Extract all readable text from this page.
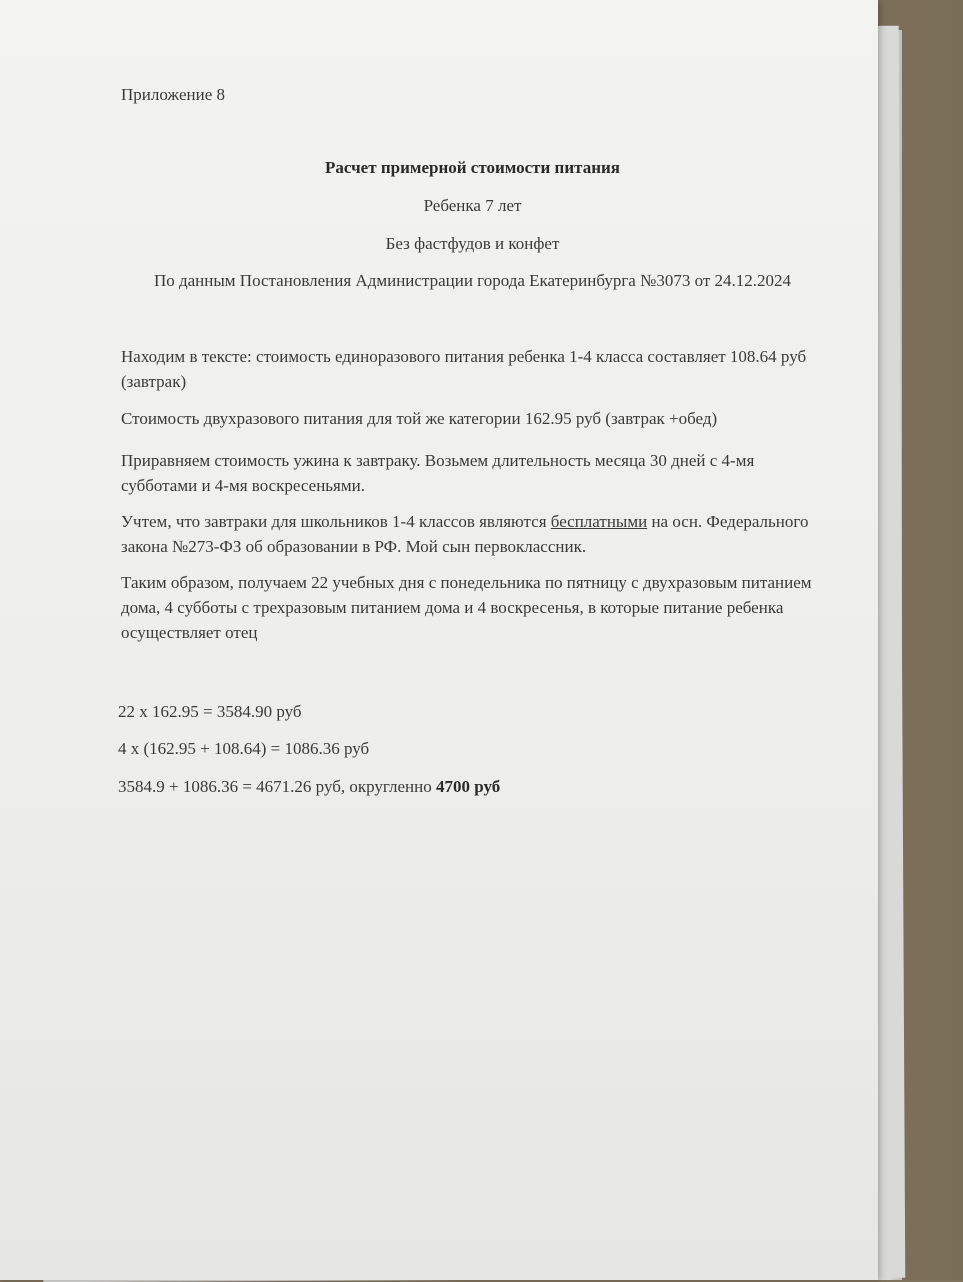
Приложение 8
Расчет примерной стоимости питания
Ребенка 7 лет
Без фастфудов и конфет
По данным Постановления Администрации города Екатеринбурга №3073 от 24.12.2024
Находим в тексте: стоимость единоразового питания ребенка 1-4 класса составляет 108.64 руб (завтрак)
Стоимость двухразового питания для той же категории 162.95 руб (завтрак +обед)
Приравняем стоимость ужина к завтраку. Возьмем длительность месяца 30 дней с 4-мя субботами и 4-мя воскресеньями.
Учтем, что завтраки для школьников 1-4 классов являются бесплатными на осн. Федерального закона №273-ФЗ об образовании в РФ. Мой сын первоклассник.
Таким образом, получаем 22 учебных дня с понедельника по пятницу с двухразовым питанием дома, 4 субботы с трехразовым питанием дома и 4 воскресенья, в которые питание ребенка осуществляет отец
22 x 162.95 = 3584.90 руб
4 x (162.95 + 108.64) = 1086.36 руб
3584.9 + 1086.36 = 4671.26 руб, округленно 4700 руб
